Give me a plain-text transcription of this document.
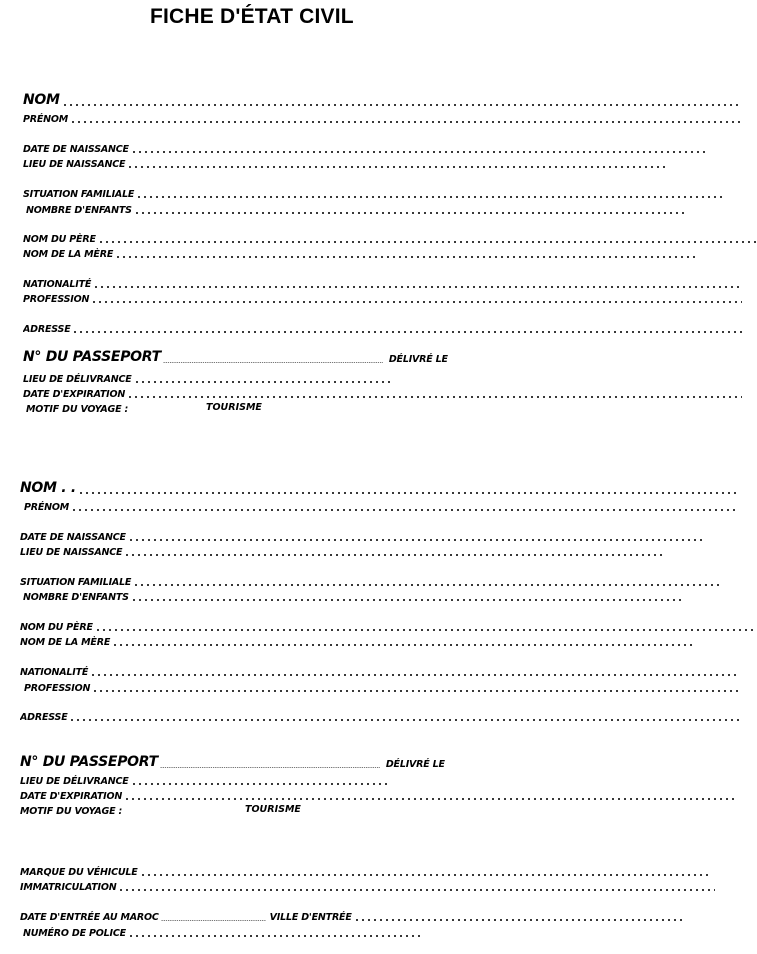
FICHE D'ÉTAT CIVIL
NOM
PRÉNOM
DATE DE NAISSANCE
LIEU DE NAISSANCE
SITUATION FAMILIALE
NOMBRE D'ENFANTS
NOM DU PÈRE
NOM DE LA MÈRE
NATIONALITÉ
PROFESSION
ADRESSE
N° DU PASSEPORT	DÉLIVRÉ LE
LIEU DE DÉLIVRANCE
DATE D'EXPIRATION
MOTIF DU VOYAGE :	TOURISME
NOM . .
PRÉNOM
DATE DE NAISSANCE
LIEU DE NAISSANCE
SITUATION FAMILIALE
NOMBRE D'ENFANTS
NOM DU PÈRE
NOM DE LA MÈRE
NATIONALITÉ
PROFESSION
ADRESSE
N° DU PASSEPORT	DÉLIVRÉ LE
LIEU DE DÉLIVRANCE
DATE D'EXPIRATION
MOTIF DU VOYAGE :	TOURISME
MARQUE DU VÉHICULE
IMMATRICULATION
DATE D'ENTRÉE AU MAROC	VILLE D'ENTRÉE
NUMÉRO DE POLICE
